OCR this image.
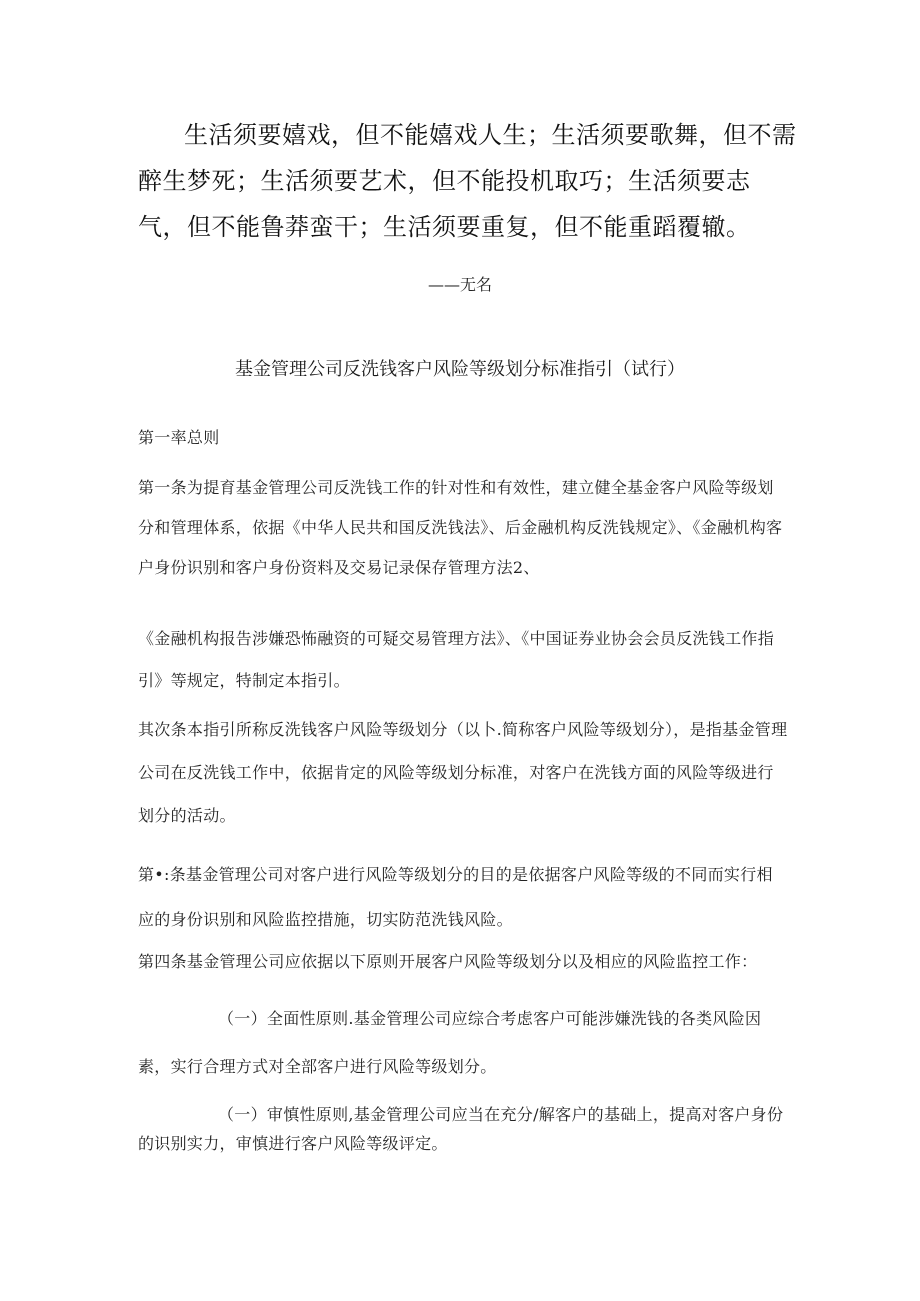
生活须要嬉戏，但不能嬉戏人生；生活须要歌舞，但不需醉生梦死；生活须要艺术，但不能投机取巧；生活须要志气，但不能鲁莽蛮干；生活须要重复，但不能重蹈覆辙。

——无名

基金管理公司反洗钱客户风险等级划分标准指引（试行）

第一率总则

第一条为提育基金管理公司反洗钱工作的针对性和有效性，建立健全基金客户风险等级划分和管理体系，依据《中华人民共和国反洗钱法》、后金融机构反洗钱规定》、《金融机构客户身份识别和客户身份资料及交易记录保存管理方法2、

《金融机构报告涉嫌恐怖融资的可疑交易管理方法》、《中国证券业协会会员反洗钱工作指引》等规定，特制定本指引。

其次条本指引所称反洗钱客户风险等级划分（以卜.简称客户风险等级划分），是指基金管理公司在反洗钱工作中，依据肯定的风险等级划分标准，对客户在洗钱方面的风险等级进行划分的活动。

第•:条基金管理公司对客户进行风险等级划分的目的是依据客户风险等级的不同而实行相应的身份识别和风险监控措施，切实防范洗钱风险。

第四条基金管理公司应依据以下原则开展客户风险等级划分以及相应的风险监控工作：

（一）全面性原则.基金管理公司应综合考虑客户可能涉嫌洗钱的各类风险因素，实行合理方式对全部客户进行风险等级划分。

（一）审慎性原则,基金管理公司应当在充分/解客户的基础上，提高对客户身份的识别实力，审慎进行客户风险等级评定。
